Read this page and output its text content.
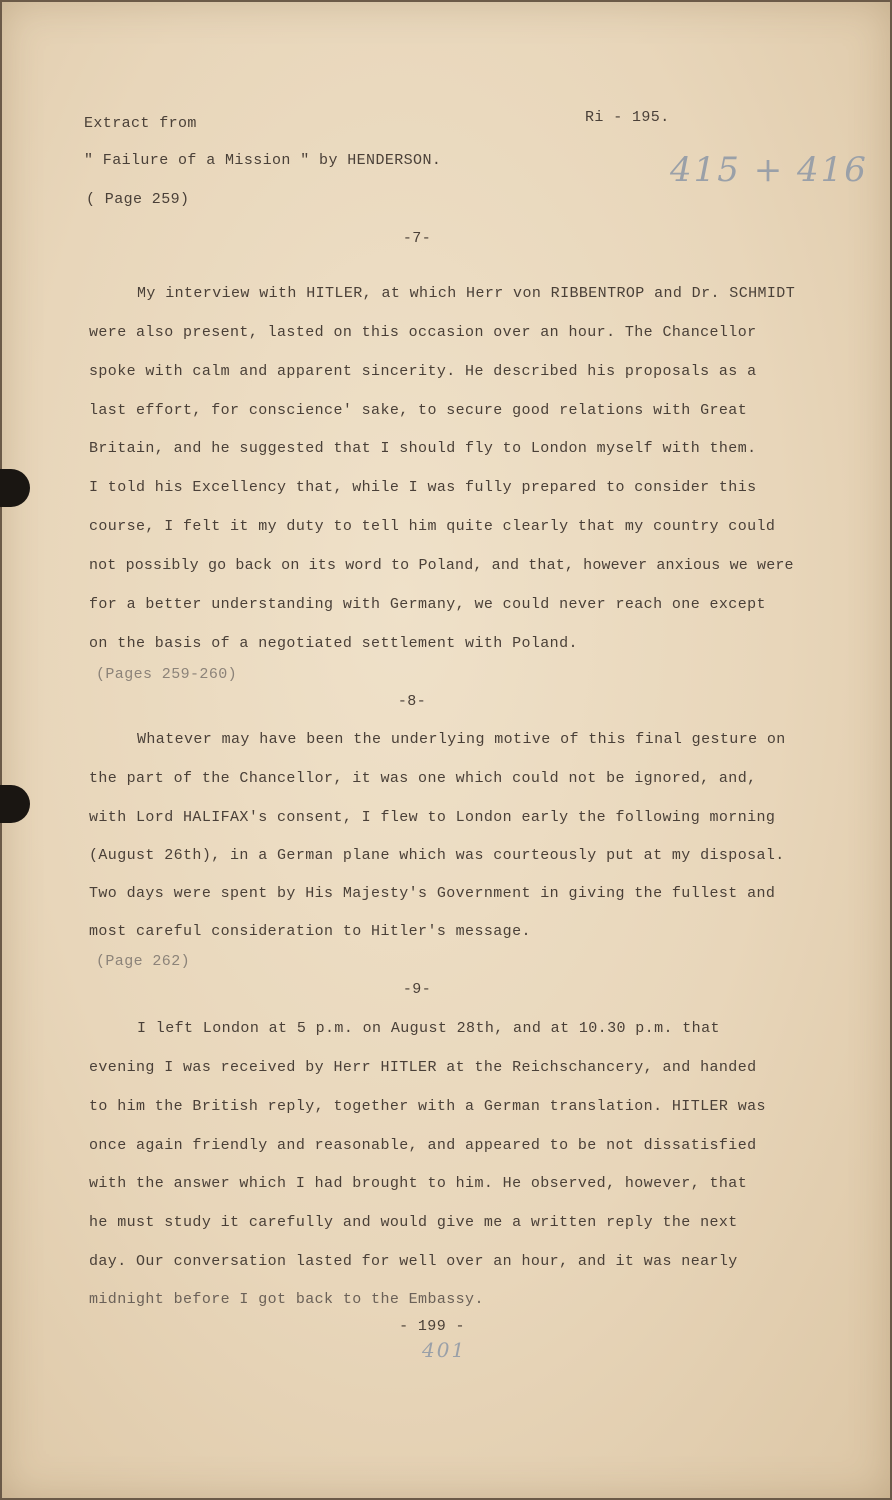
Extract from
" Failure of a Mission " by HENDERSON.
( Page 259)
Ri - 195.
415 + 416
-7-
My interview with HITLER, at which Herr von RIBBENTROP and Dr. SCHMIDT
were also present, lasted on this occasion over an hour. The Chancellor
spoke with calm and apparent sincerity. He described his proposals as a
last effort, for conscience' sake, to secure good relations with Great
Britain, and he suggested that I should fly to London myself with them.
I told his Excellency that, while I was fully prepared to consider this
course, I felt it my duty to tell him quite clearly that my country could
not possibly go back on its word to Poland, and that, however anxious we were
for a better understanding with Germany, we could never reach one except
on the basis of a negotiated settlement with Poland.
(Pages 259-260)
-8-
Whatever may have been the underlying motive of this final gesture on
the part of the Chancellor, it was one which could not be ignored, and,
with Lord HALIFAX's consent, I flew to London early the following morning
(August 26th), in a German plane which was courteously put at my disposal.
Two days were spent by His Majesty's Government in giving the fullest and
most careful consideration to Hitler's message.
(Page 262)
-9-
I left London at 5 p.m. on August 28th, and at 10.30 p.m. that
evening I was received by Herr HITLER at the Reichschancery, and handed
to him the British reply, together with a German translation. HITLER was
once again friendly and reasonable, and appeared to be not dissatisfied
with the answer which I had brought to him. He observed, however, that
he must study it carefully and would give me a written reply the next
day. Our conversation lasted for well over an hour, and it was nearly
midnight before I got back to the Embassy.
- 199 -
401
